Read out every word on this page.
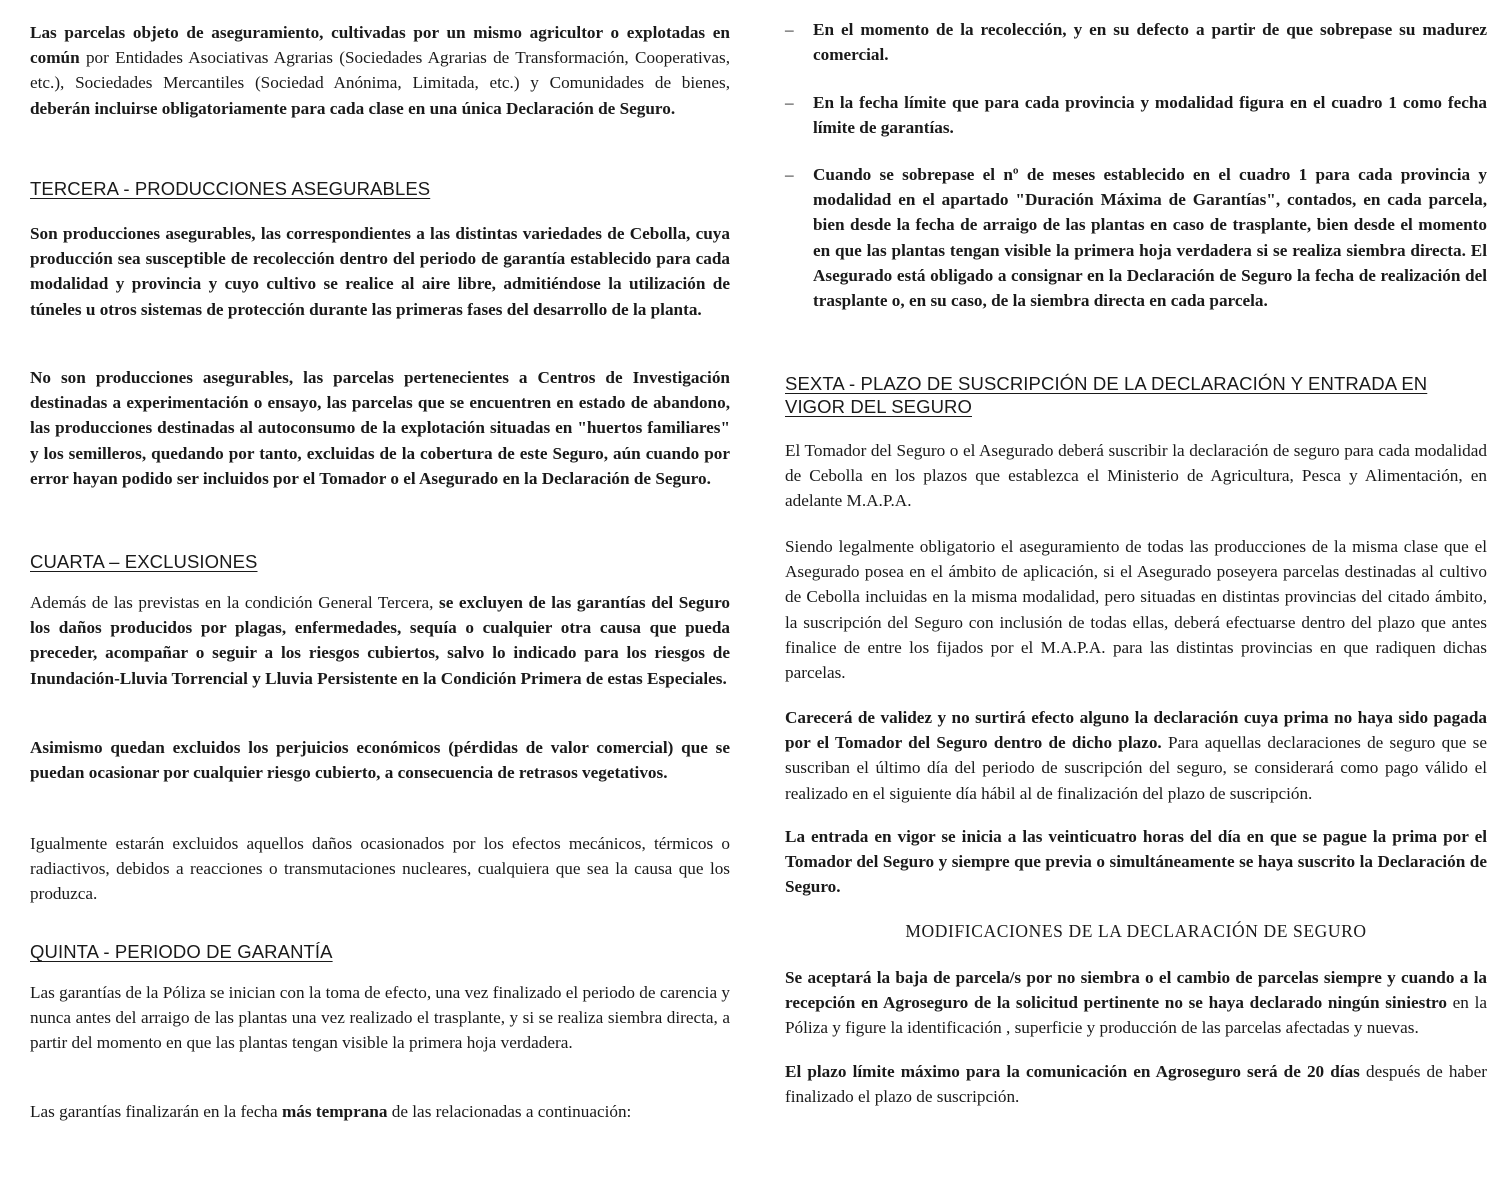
Las parcelas objeto de aseguramiento, cultivadas por un mismo agricultor o explotadas en común por Entidades Asociativas Agrarias (Sociedades Agrarias de Transformación, Cooperativas, etc.), Sociedades Mercantiles (Sociedad Anónima, Limitada, etc.) y Comunidades de bienes, deberán incluirse obligatoriamente para cada clase en una única Declaración de Seguro.

TERCERA - PRODUCCIONES ASEGURABLES

Son producciones asegurables, las correspondientes a las distintas variedades de Cebolla, cuya producción sea susceptible de recolección dentro del periodo de garantía establecido para cada modalidad y provincia y cuyo cultivo se realice al aire libre, admitiéndose la utilización de túneles u otros sistemas de protección durante las primeras fases del desarrollo de la planta.

No son producciones asegurables, las parcelas pertenecientes a Centros de Investigación destinadas a experimentación o ensayo, las parcelas que se encuentren en estado de abandono, las producciones destinadas al autoconsumo de la explotación situadas en "huertos familiares" y los semilleros, quedando por tanto, excluidas de la cobertura de este Seguro, aún cuando por error hayan podido ser incluidos por el Tomador o el Asegurado en la Declaración de Seguro.

CUARTA – EXCLUSIONES

Además de las previstas en la condición General Tercera, se excluyen de las garantías del Seguro los daños producidos por plagas, enfermedades, sequía o cualquier otra causa que pueda preceder, acompañar o seguir a los riesgos cubiertos, salvo lo indicado para los riesgos de Inundación-Lluvia Torrencial y Lluvia Persistente en la Condición Primera de estas Especiales.

Asimismo quedan excluidos los perjuicios económicos (pérdidas de valor comercial) que se puedan ocasionar por cualquier riesgo cubierto, a consecuencia de retrasos vegetativos.

Igualmente estarán excluidos aquellos daños ocasionados por los efectos mecánicos, térmicos o radiactivos, debidos a reacciones o transmutaciones nucleares, cualquiera que sea la causa que los produzca.

QUINTA - PERIODO DE GARANTÍA

Las garantías de la Póliza se inician con la toma de efecto, una vez finalizado el periodo de carencia y nunca antes del arraigo de las plantas una vez realizado el trasplante, y si se realiza siembra directa, a partir del momento en que las plantas tengan visible la primera hoja verdadera.

Las garantías finalizarán en la fecha más temprana de las relacionadas a continuación:

– En el momento de la recolección, y en su defecto a partir de que sobrepase su madurez comercial.

– En la fecha límite que para cada provincia y modalidad figura en el cuadro 1 como fecha límite de garantías.

– Cuando se sobrepase el nº de meses establecido en el cuadro 1 para cada provincia y modalidad en el apartado "Duración Máxima de Garantías", contados, en cada parcela, bien desde la fecha de arraigo de las plantas en caso de trasplante, bien desde el momento en que las plantas tengan visible la primera hoja verdadera si se realiza siembra directa. El Asegurado está obligado a consignar en la Declaración de Seguro la fecha de realización del trasplante o, en su caso, de la siembra directa en cada parcela.

SEXTA - PLAZO DE SUSCRIPCIÓN DE LA DECLARACIÓN Y ENTRADA EN VIGOR DEL SEGURO

El Tomador del Seguro o el Asegurado deberá suscribir la declaración de seguro para cada modalidad de Cebolla en los plazos que establezca el Ministerio de Agricultura, Pesca y Alimentación, en adelante M.A.P.A.

Siendo legalmente obligatorio el aseguramiento de todas las producciones de la misma clase que el Asegurado posea en el ámbito de aplicación, si el Asegurado poseyera parcelas destinadas al cultivo de Cebolla incluidas en la misma modalidad, pero situadas en distintas provincias del citado ámbito, la suscripción del Seguro con inclusión de todas ellas, deberá efectuarse dentro del plazo que antes finalice de entre los fijados por el M.A.P.A. para las distintas provincias en que radiquen dichas parcelas.

Carecerá de validez y no surtirá efecto alguno la declaración cuya prima no haya sido pagada por el Tomador del Seguro dentro de dicho plazo. Para aquellas declaraciones de seguro que se suscriban el último día del periodo de suscripción del seguro, se considerará como pago válido el realizado en el siguiente día hábil al de finalización del plazo de suscripción.

La entrada en vigor se inicia a las veinticuatro horas del día en que se pague la prima por el Tomador del Seguro y siempre que previa o simultáneamente se haya suscrito la Declaración de Seguro.

MODIFICACIONES DE LA DECLARACIÓN DE SEGURO

Se aceptará la baja de parcela/s por no siembra o el cambio de parcelas siempre y cuando a la recepción en Agroseguro de la solicitud pertinente no se haya declarado ningún siniestro en la Póliza y figure la identificación , superficie y producción de las parcelas afectadas y nuevas.

El plazo límite máximo para la comunicación en Agroseguro será de 20 días después de haber finalizado el plazo de suscripción.
